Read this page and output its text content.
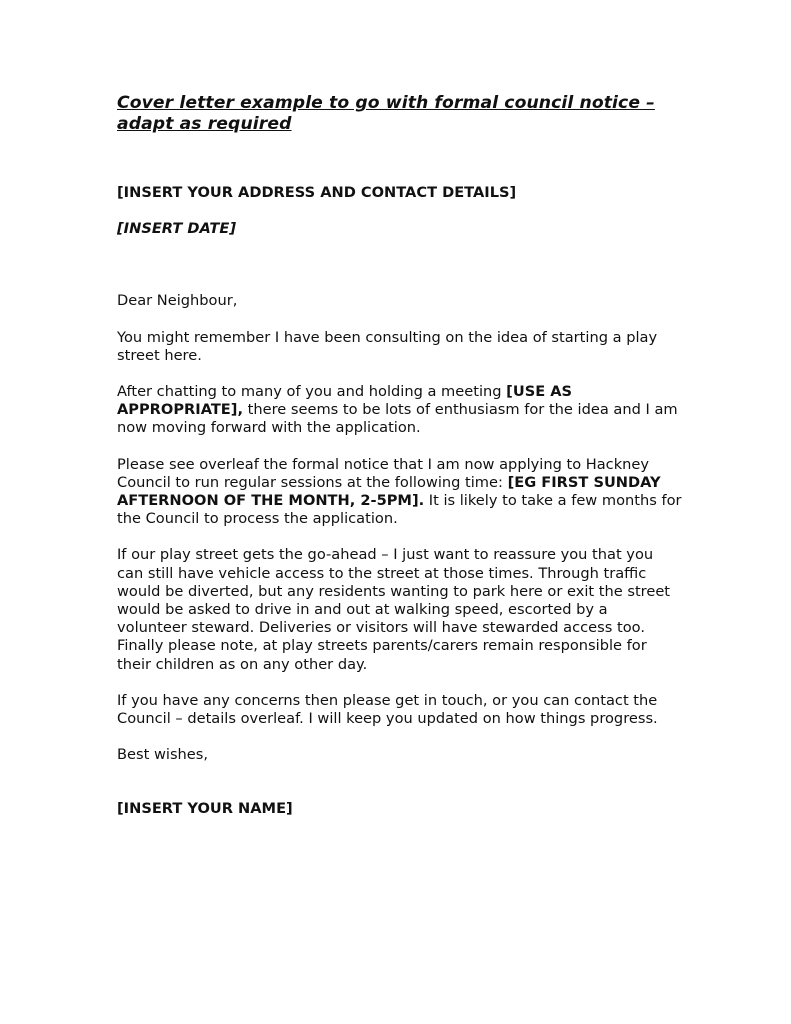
Cover letter example to go with formal council notice – adapt as required

[INSERT YOUR ADDRESS AND CONTACT DETAILS]

[INSERT DATE]

Dear Neighbour,

You might remember I have been consulting on the idea of starting a play street here.

After chatting to many of you and holding a meeting [USE AS APPROPRIATE], there seems to be lots of enthusiasm for the idea and I am now moving forward with the application.

Please see overleaf the formal notice that I am now applying to Hackney Council to run regular sessions at the following time: [EG FIRST SUNDAY AFTERNOON OF THE MONTH, 2-5PM]. It is likely to take a few months for the Council to process the application.

If our play street gets the go-ahead – I just want to reassure you that you can still have vehicle access to the street at those times. Through traffic would be diverted, but any residents wanting to park here or exit the street would be asked to drive in and out at walking speed, escorted by a volunteer steward. Deliveries or visitors will have stewarded access too. Finally please note, at play streets parents/carers remain responsible for their children as on any other day.

If you have any concerns then please get in touch, or you can contact the Council – details overleaf. I will keep you updated on how things progress.

Best wishes,

[INSERT YOUR NAME]
